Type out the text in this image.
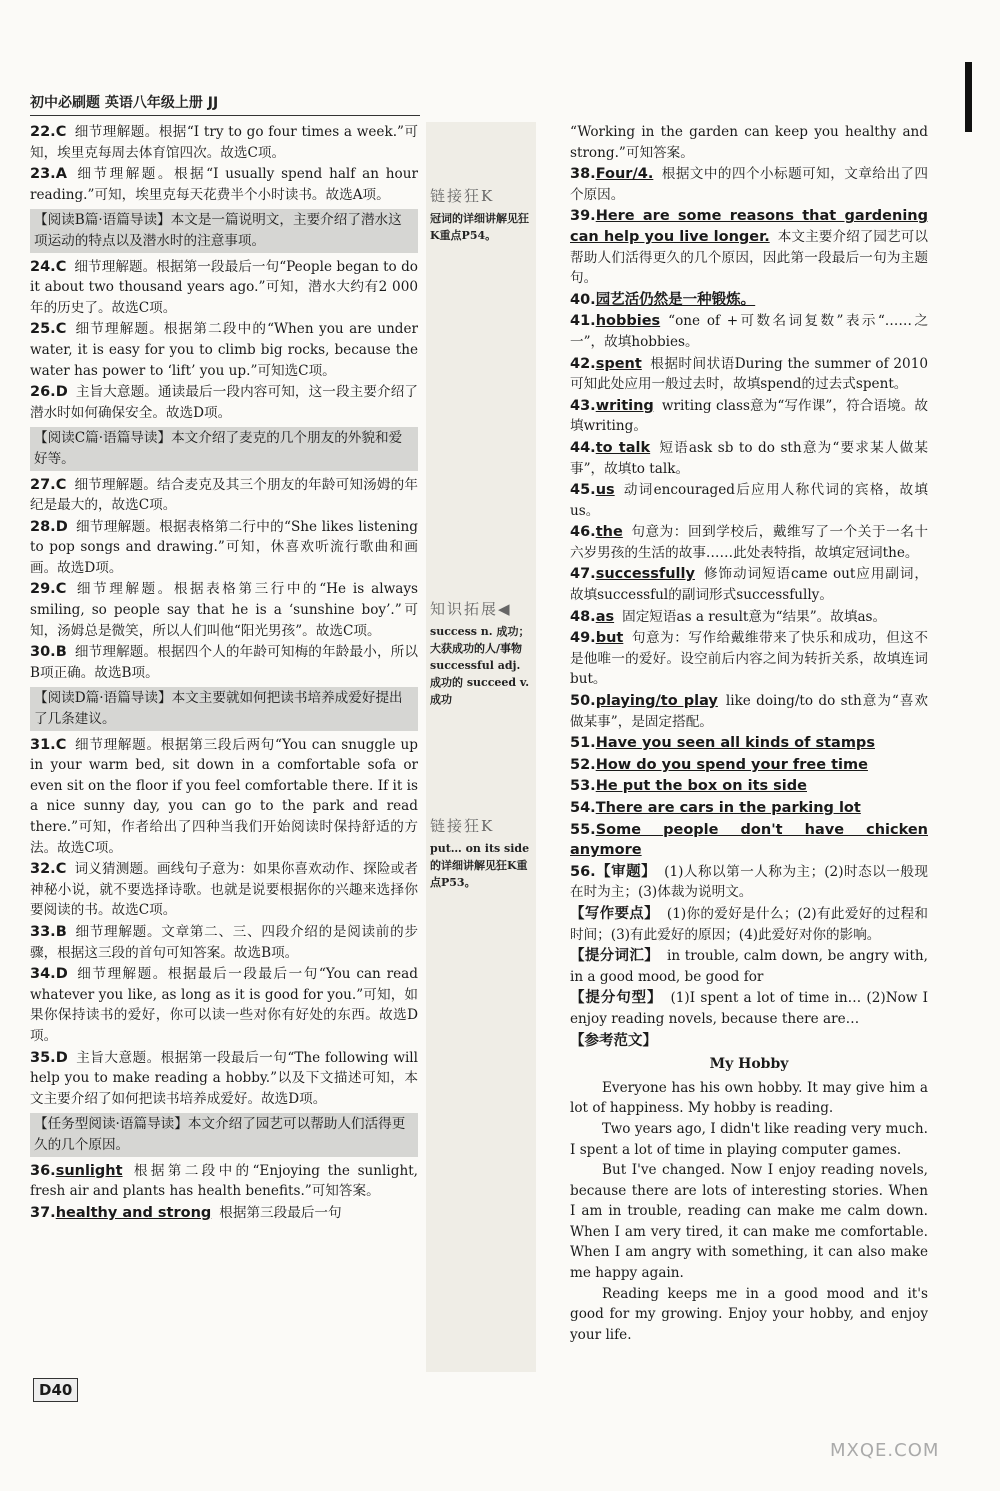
初中必刷题 英语八年级上册 JJ
链接狂K
冠词的详细讲解见狂K重点P54。
知识拓展◀
success n. 成功；大获成功的人/事物 successful adj. 成功的 succeed v. 成功
链接狂K
put… on its side的详细讲解见狂K重点P53。
22.C 细节理解题。根据“I try to go four times a week.”可知，埃里克每周去体育馆四次。故选C项。
23.A 细节理解题。根据“I usually spend half an hour reading.”可知，埃里克每天花费半个小时读书。故选A项。
【阅读B篇·语篇导读】本文是一篇说明文，主要介绍了潜水这项运动的特点以及潜水时的注意事项。
24.C 细节理解题。根据第一段最后一句“People began to do it about two thousand years ago.”可知，潜水大约有2 000年的历史了。故选C项。
25.C 细节理解题。根据第二段中的“When you are under water, it is easy for you to climb big rocks, because the water has power to ‘lift’ you up.”可知选C项。
26.D 主旨大意题。通读最后一段内容可知，这一段主要介绍了潜水时如何确保安全。故选D项。
【阅读C篇·语篇导读】本文介绍了麦克的几个朋友的外貌和爱好等。
27.C 细节理解题。结合麦克及其三个朋友的年龄可知汤姆的年纪是最大的，故选C项。
28.D 细节理解题。根据表格第二行中的“She likes listening to pop songs and drawing.”可知，休喜欢听流行歌曲和画画。故选D项。
29.C 细节理解题。根据表格第三行中的“He is always smiling, so people say that he is a ‘sunshine boy’.”可知，汤姆总是微笑，所以人们叫他“阳光男孩”。故选C项。
30.B 细节理解题。根据四个人的年龄可知梅的年龄最小，所以B项正确。故选B项。
【阅读D篇·语篇导读】本文主要就如何把读书培养成爱好提出了几条建议。
31.C 细节理解题。根据第三段后两句“You can snuggle up in your warm bed, sit down in a comfortable sofa or even sit on the floor if you feel comfortable there. If it is a nice sunny day, you can go to the park and read there.”可知，作者给出了四种当我们开始阅读时保持舒适的方法。故选C项。
32.C 词义猜测题。画线句子意为：如果你喜欢动作、探险或者神秘小说，就不要选择诗歌。也就是说要根据你的兴趣来选择你要阅读的书。故选C项。
33.B 细节理解题。文章第二、三、四段介绍的是阅读前的步骤，根据这三段的首句可知答案。故选B项。
34.D 细节理解题。根据最后一段最后一句“You can read whatever you like, as long as it is good for you.”可知，如果你保持读书的爱好，你可以读一些对你有好处的东西。故选D项。
35.D 主旨大意题。根据第一段最后一句“The following will help you to make reading a hobby.”以及下文描述可知，本文主要介绍了如何把读书培养成爱好。故选D项。
【任务型阅读·语篇导读】本文介绍了园艺可以帮助人们活得更久的几个原因。
36.sunlight 根据第二段中的“Enjoying the sunlight, fresh air and plants has health benefits.”可知答案。
37.healthy and strong 根据第三段最后一句
“Working in the garden can keep you healthy and strong.”可知答案。
38.Four/4. 根据文中的四个小标题可知，文章给出了四个原因。
39.Here are some reasons that gardening can help you live longer. 本文主要介绍了园艺可以帮助人们活得更久的几个原因，因此第一段最后一句为主题句。
40.园艺活仍然是一种锻炼。
41.hobbies “one of +可数名词复数”表示“……之一”，故填hobbies。
42.spent 根据时间状语During the summer of 2010可知此处应用一般过去时，故填spend的过去式spent。
43.writing writing class意为“写作课”，符合语境。故填writing。
44.to talk 短语ask sb to do sth意为“要求某人做某事”，故填to talk。
45.us 动词encouraged后应用人称代词的宾格，故填us。
46.the 句意为：回到学校后，戴维写了一个关于一名十六岁男孩的生活的故事……此处表特指，故填定冠词the。
47.successfully 修饰动词短语came out应用副词，故填successful的副词形式successfully。
48.as 固定短语as a result意为“结果”。故填as。
49.but 句意为：写作给戴维带来了快乐和成功，但这不是他唯一的爱好。设空前后内容之间为转折关系，故填连词but。
50.playing/to play like doing/to do sth意为“喜欢做某事”，是固定搭配。
51.Have you seen all kinds of stamps
52.How do you spend your free time
53.He put the box on its side
54.There are cars in the parking lot
55.Some people don't have chicken anymore
56.【审题】 (1)人称以第一人称为主；(2)时态以一般现在时为主；(3)体裁为说明文。
【写作要点】 (1)你的爱好是什么；(2)有此爱好的过程和时间；(3)有此爱好的原因；(4)此爱好对你的影响。
【提分词汇】 in trouble, calm down, be angry with, in a good mood, be good for
【提分句型】 (1)I spent a lot of time in… (2)Now I enjoy reading novels, because there are…
【参考范文】
My Hobby

Everyone has his own hobby. It may give him a lot of happiness. My hobby is reading.

Two years ago, I didn't like reading very much. I spent a lot of time in playing computer games.

But I've changed. Now I enjoy reading novels, because there are lots of interesting stories. When I am in trouble, reading can make me calm down. When I am very tired, it can make me comfortable. When I am angry with something, it can also make me happy again.

Reading keeps me in a good mood and it's good for my growing. Enjoy your hobby, and enjoy your life.

D40
MXQE.COM
